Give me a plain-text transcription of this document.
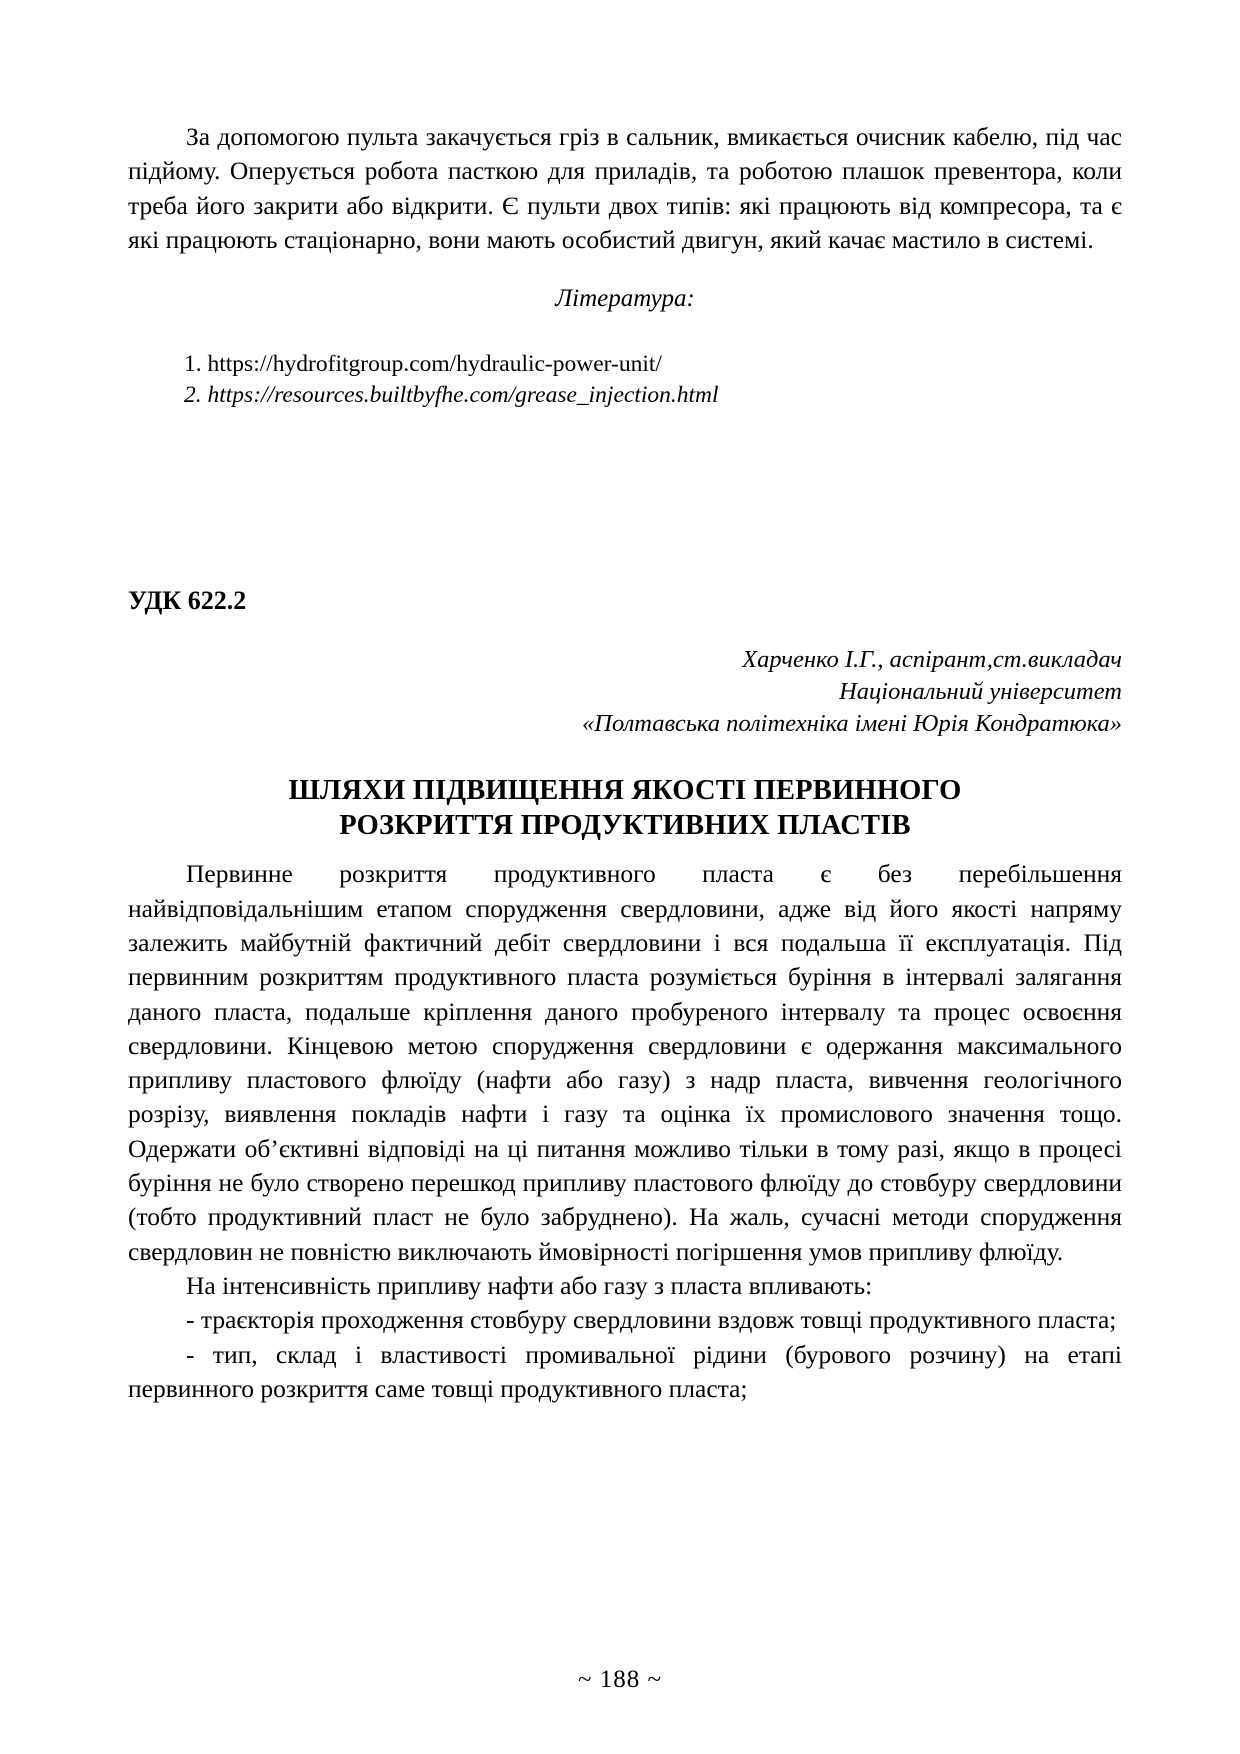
За допомогою пульта закачується гріз в сальник, вмикається очисник кабелю, під час підйому. Оперується робота пасткою для приладів, та роботою плашок превентора, коли треба його закрити або відкрити. Є пульти двох типів: які працюють від компресора, та є які працюють стаціонарно, вони мають особистий двигун, який качає мастило в системі.

Література:

1. https://hydrofitgroup.com/hydraulic-power-unit/
2. https://resources.builtbyfhe.com/grease_injection.html

УДК 622.2

Харченко І.Г., аспірант,ст.викладач
Національний університет
«Полтавська політехніка імені Юрія Кондратюка»
ШЛЯХИ ПІДВИЩЕННЯ ЯКОСТІ ПЕРВИННОГО
РОЗКРИТТЯ ПРОДУКТИВНИХ ПЛАСТІВ

Первинне розкриття продуктивного пласта є без перебільшення найвідповідальнішим етапом спорудження свердловини, адже від його якості напряму залежить майбутній фактичний дебіт свердловини і вся подальша її експлуатація. Під первинним розкриттям продуктивного пласта розуміється буріння в інтервалі залягання даного пласта, подальше кріплення даного пробуреного інтервалу та процес освоєння свердловини. Кінцевою метою спорудження свердловини є одержання максимального припливу пластового флюїду (нафти або газу) з надр пласта, вивчення геологічного розрізу, виявлення покладів нафти і газу та оцінка їх промислового значення тощо. Одержати об’єктивні відповіді на ці питання можливо тільки в тому разі, якщо в процесі буріння не було створено перешкод припливу пластового флюїду до стовбуру свердловини (тобто продуктивний пласт не було забруднено). На жаль, сучасні методи спорудження свердловин не повністю виключають ймовірності погіршення умов припливу флюїду.

На інтенсивність припливу нафти або газу з пласта впливають:

- траєкторія проходження стовбуру свердловини вздовж товщі продуктивного пласта;

- тип, склад і властивості промивальної рідини (бурового розчину) на етапі первинного розкриття саме товщі продуктивного пласта;

~ 188 ~
